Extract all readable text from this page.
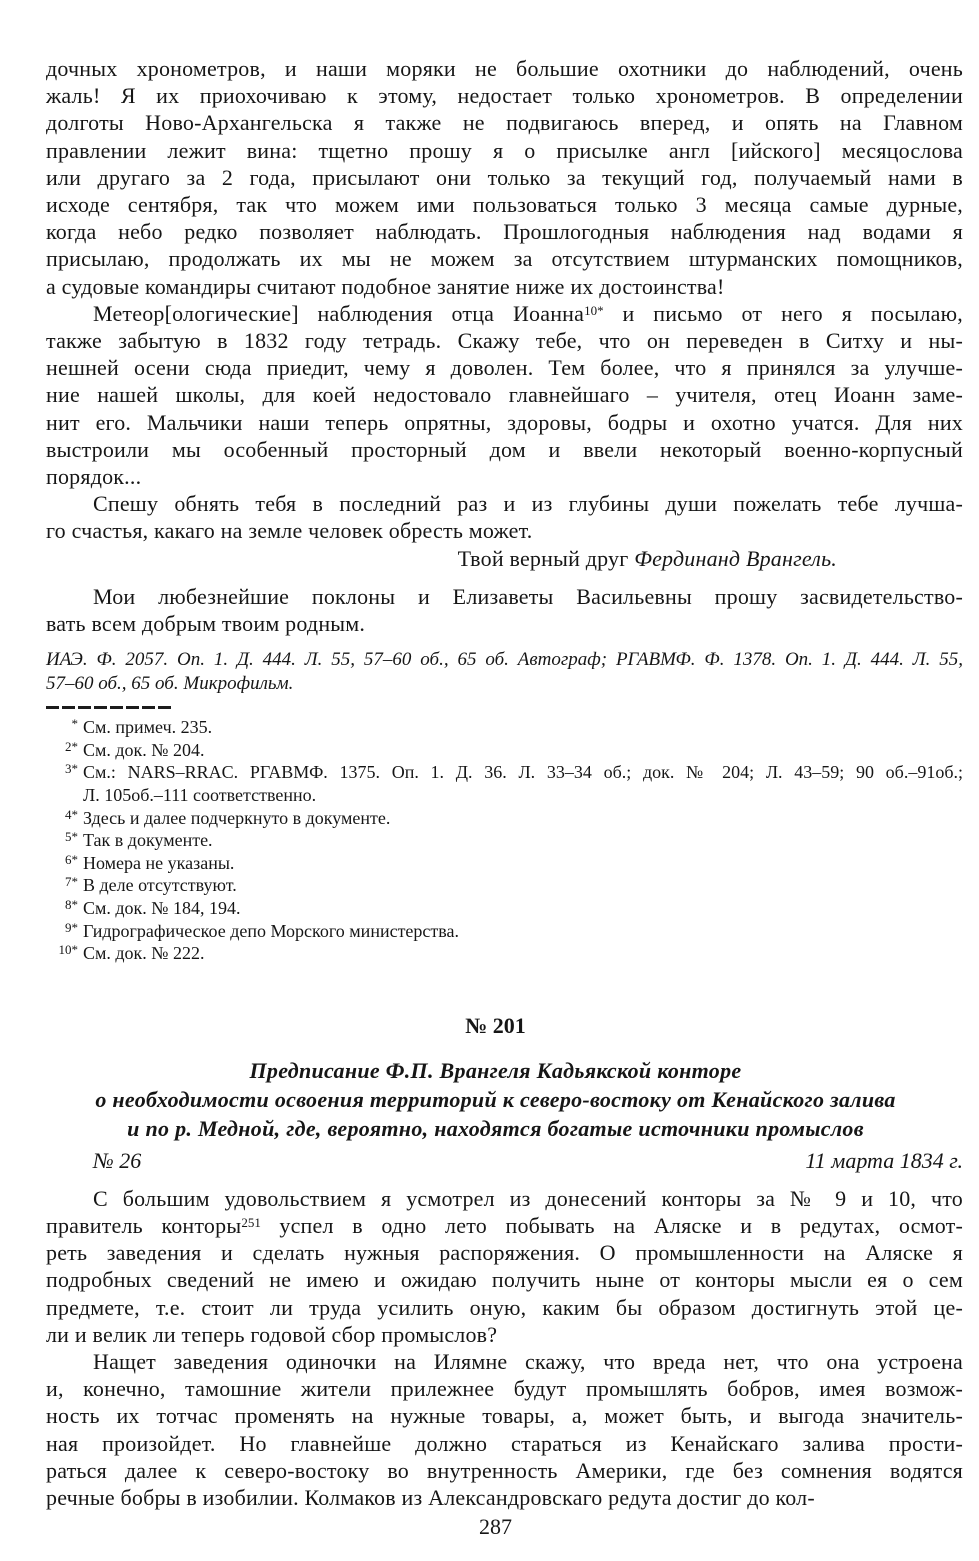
дочных хронометров, и наши моряки не большие охотники до наблюдений, очень
жаль! Я их приохочиваю к этому, недостает только хронометров. В определении
долготы Ново-Архангельска я также не подвигаюсь вперед, и опять на Главном
правлении лежит вина: тщетно прошу я о присылке англ [ийского] месяцослова
или другаго за 2 года, присылают они только за текущий год, получаемый нами в
исходе сентября, так что можем ими пользоваться только 3 месяца самые дурные,
когда небо редко позволяет наблюдать. Прошлогодныя наблюдения над водами я
присылаю, продолжать их мы не можем за отсутствием штурманских помощников,
а судовые командиры считают подобное занятие ниже их достоинства!
Метеор[ологические] наблюдения отца Иоанна$^{10*}$ и письмо от него я посылаю,
также забытую в 1832 году тетрадь. Скажу тебе, что он переведен в Ситху и ны-
нешней осени сюда приедит, чему я доволен. Тем более, что я принялся за улучше-
ние нашей школы, для коей недостовало главнейшаго – учителя, отец Иоанн заме-
нит его. Мальчики наши теперь опрятны, здоровы, бодры и охотно учатся. Для них
выстроили мы особенный просторный дом и ввели некоторый военно-корпусный
порядок...
Спешу обнять тебя в последний раз и из глубины души пожелать тебе лучша-
го счастья, какаго на земле человек обресть может.
Твой верный друг Фердинанд Врангель.
Мои любезнейшие поклоны и Елизаветы Васильевны прошу засвидетельство-
вать всем добрым твоим родным.
ИАЭ. Ф. 2057. Оп. 1. Д. 444. Л. 55, 57–60 об., 65 об. Автограф; РГАВМФ. Ф. 1378. Оп. 1. Д. 444. Л. 55,
57–60 об., 65 об. Микрофильм.
* См. примеч. 235.
2* См. док. № 204.
3* См.: NARS–RRAC. РГАВМФ. 1375. Оп. 1. Д. 36. Л. 33–34 об.; док. № 204; Л. 43–59; 90 об.–91об.;
Л. 105об.–111 соответственно.
4* Здесь и далее подчеркнуто в документе.
5* Так в документе.
6* Номера не указаны.
7* В деле отсутствуют.
8* См. док. № 184, 194.
9* Гидрографическое депо Морского министерства.
10* См. док. № 222.
№ 201
Предписание Ф.П. Врангеля Кадьякской конторе
о необходимости освоения территорий к северо-востоку от Кенайского залива
и по р. Медной, где, вероятно, находятся богатые источники промыслов
№ 26	11 марта 1834 г.
С большим удовольствием я усмотрел из донесений конторы за № 9 и 10, что
правитель конторы$^{251}$ успел в одно лето побывать на Аляске и в редутах, осмот-
реть заведения и сделать нужныя распоряжения. О промышленности на Аляске я
подробных сведений не имею и ожидаю получить ныне от конторы мысли ея о сем
предмете, т.е. стоит ли труда усилить оную, каким бы образом достигнуть этой це-
ли и велик ли теперь годовой сбор промыслов?
Нащет заведения одиночки на Илямне скажу, что вреда нет, что она устроена
и, конечно, тамошние жители прилежнее будут промышлять бобров, имея возмож-
ность их тотчас променять на нужные товары, а, может быть, и выгода значитель-
ная произойдет. Но главнейше должно стараться из Кенайскаго залива прости-
раться далее к северо-востоку во внутренность Америки, где без сомнения водятся
речные бобры в изобилии. Колмаков из Александровскаго редута достиг до кол-
287
